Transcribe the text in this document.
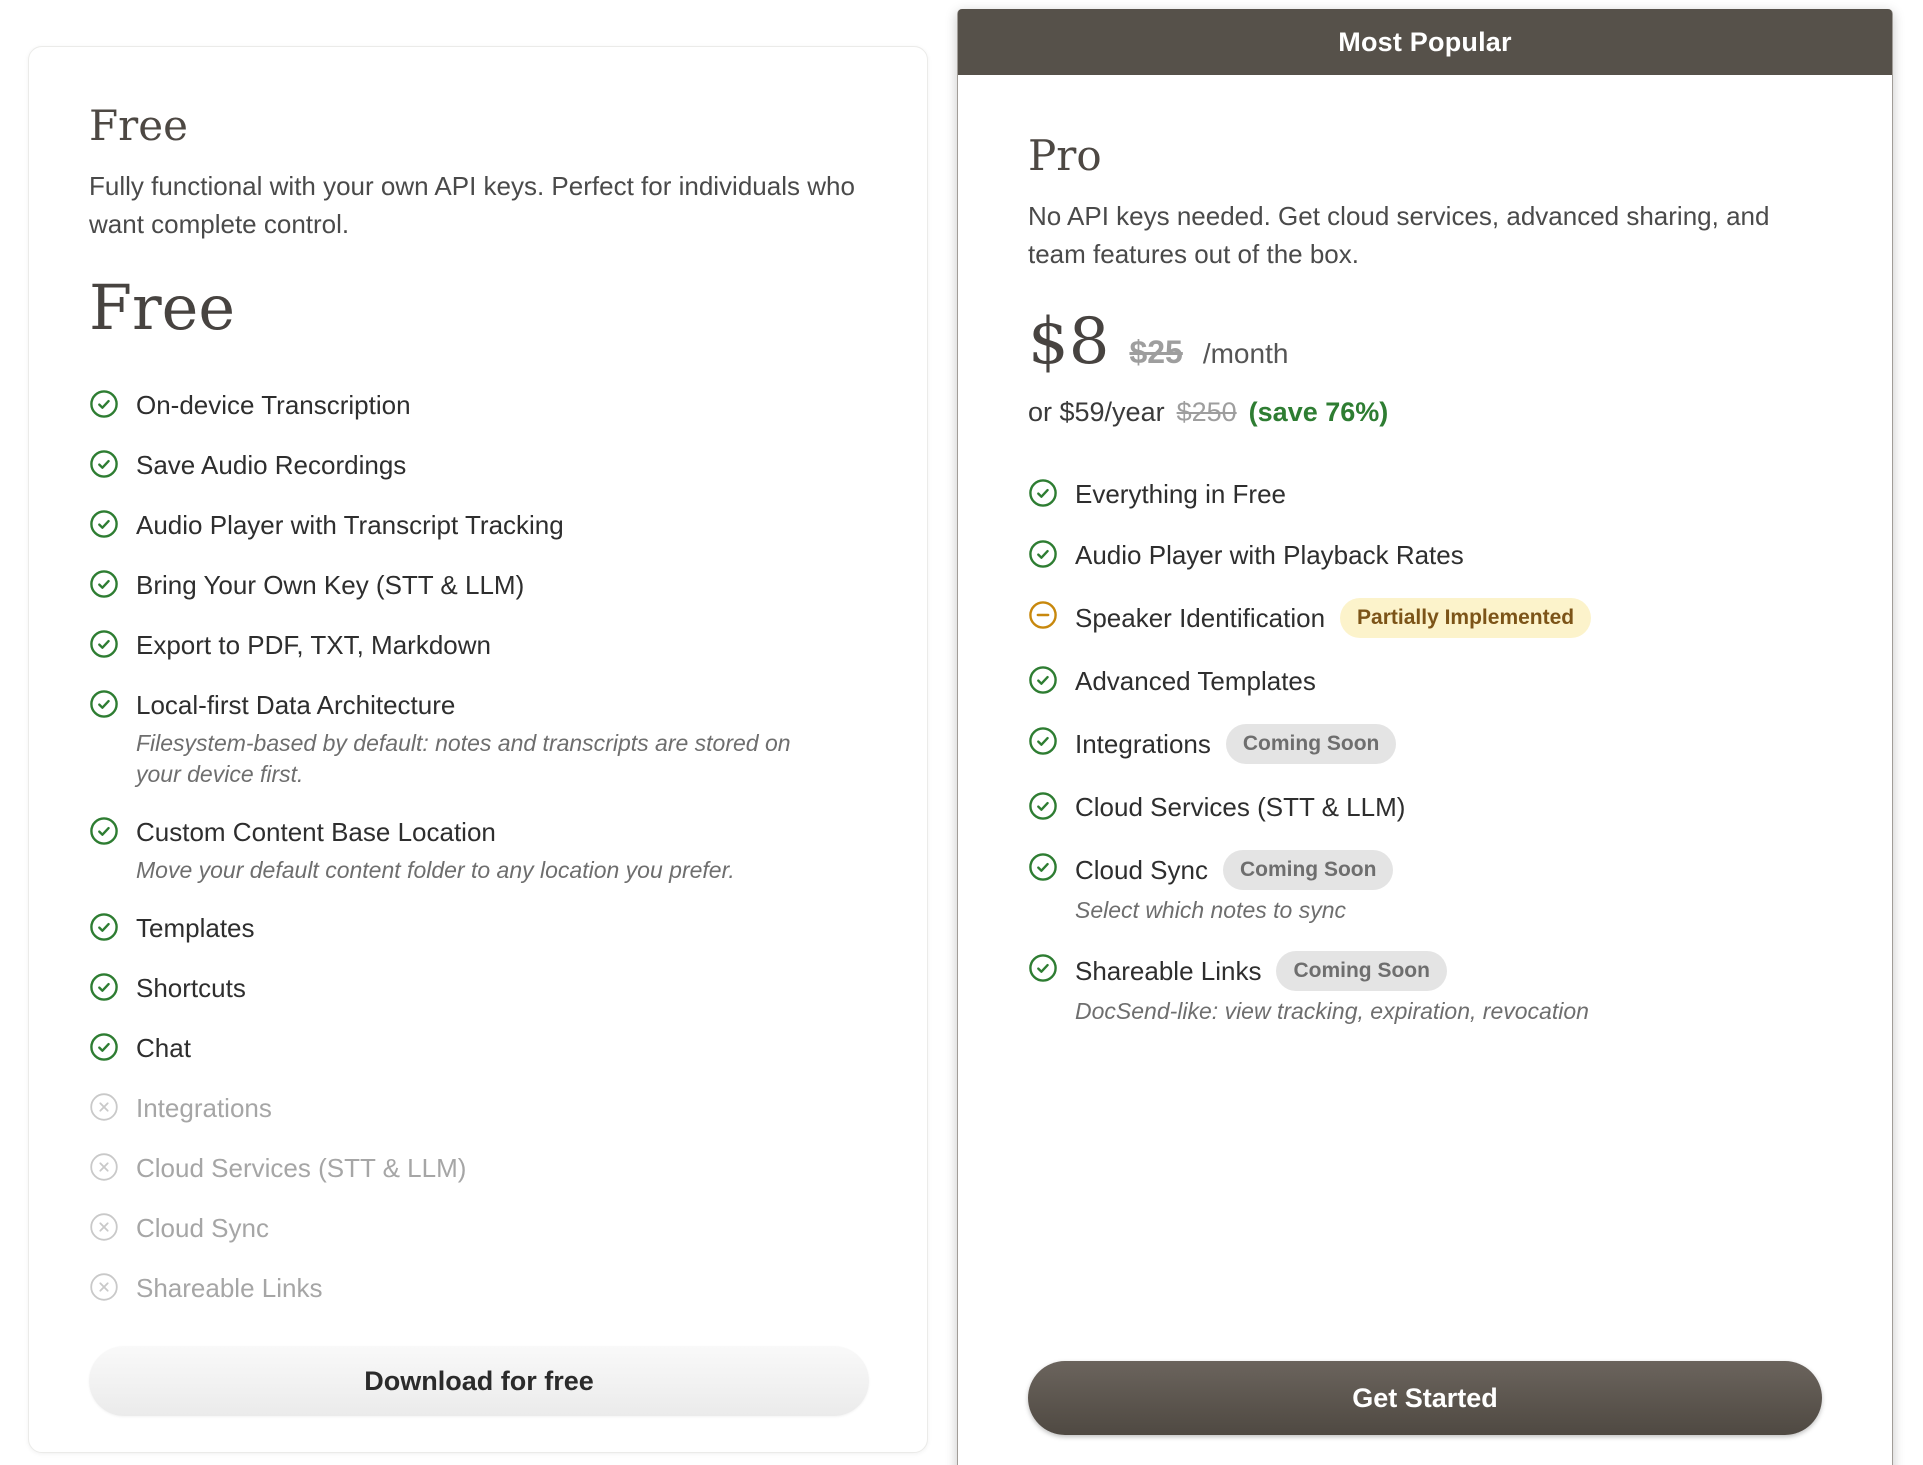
Free

Fully functional with your own API keys. Perfect for individuals who want complete control.

Free
On-device Transcription
Save Audio Recordings
Audio Player with Transcript Tracking
Bring Your Own Key (STT & LLM)
Export to PDF, TXT, Markdown
Local-first Data Architecture
Filesystem-based by default: notes and transcripts are stored on your device first.
Custom Content Base Location
Move your default content folder to any location you prefer.
Templates
Shortcuts
Chat
Integrations
Cloud Services (STT & LLM)
Cloud Sync
Shareable Links
Download for free
Most Popular
Pro

No API keys needed. Get cloud services, advanced sharing, and team features out of the box.

$8 $25 /month
or $59/year $250 (save 76%)
Everything in Free
Audio Player with Playback Rates
Speaker Identification	Partially Implemented
Advanced Templates
Integrations	Coming Soon
Cloud Services (STT & LLM)
Cloud Sync	Coming Soon
Select which notes to sync
Shareable Links	Coming Soon
DocSend-like: view tracking, expiration, revocation
Get Started
